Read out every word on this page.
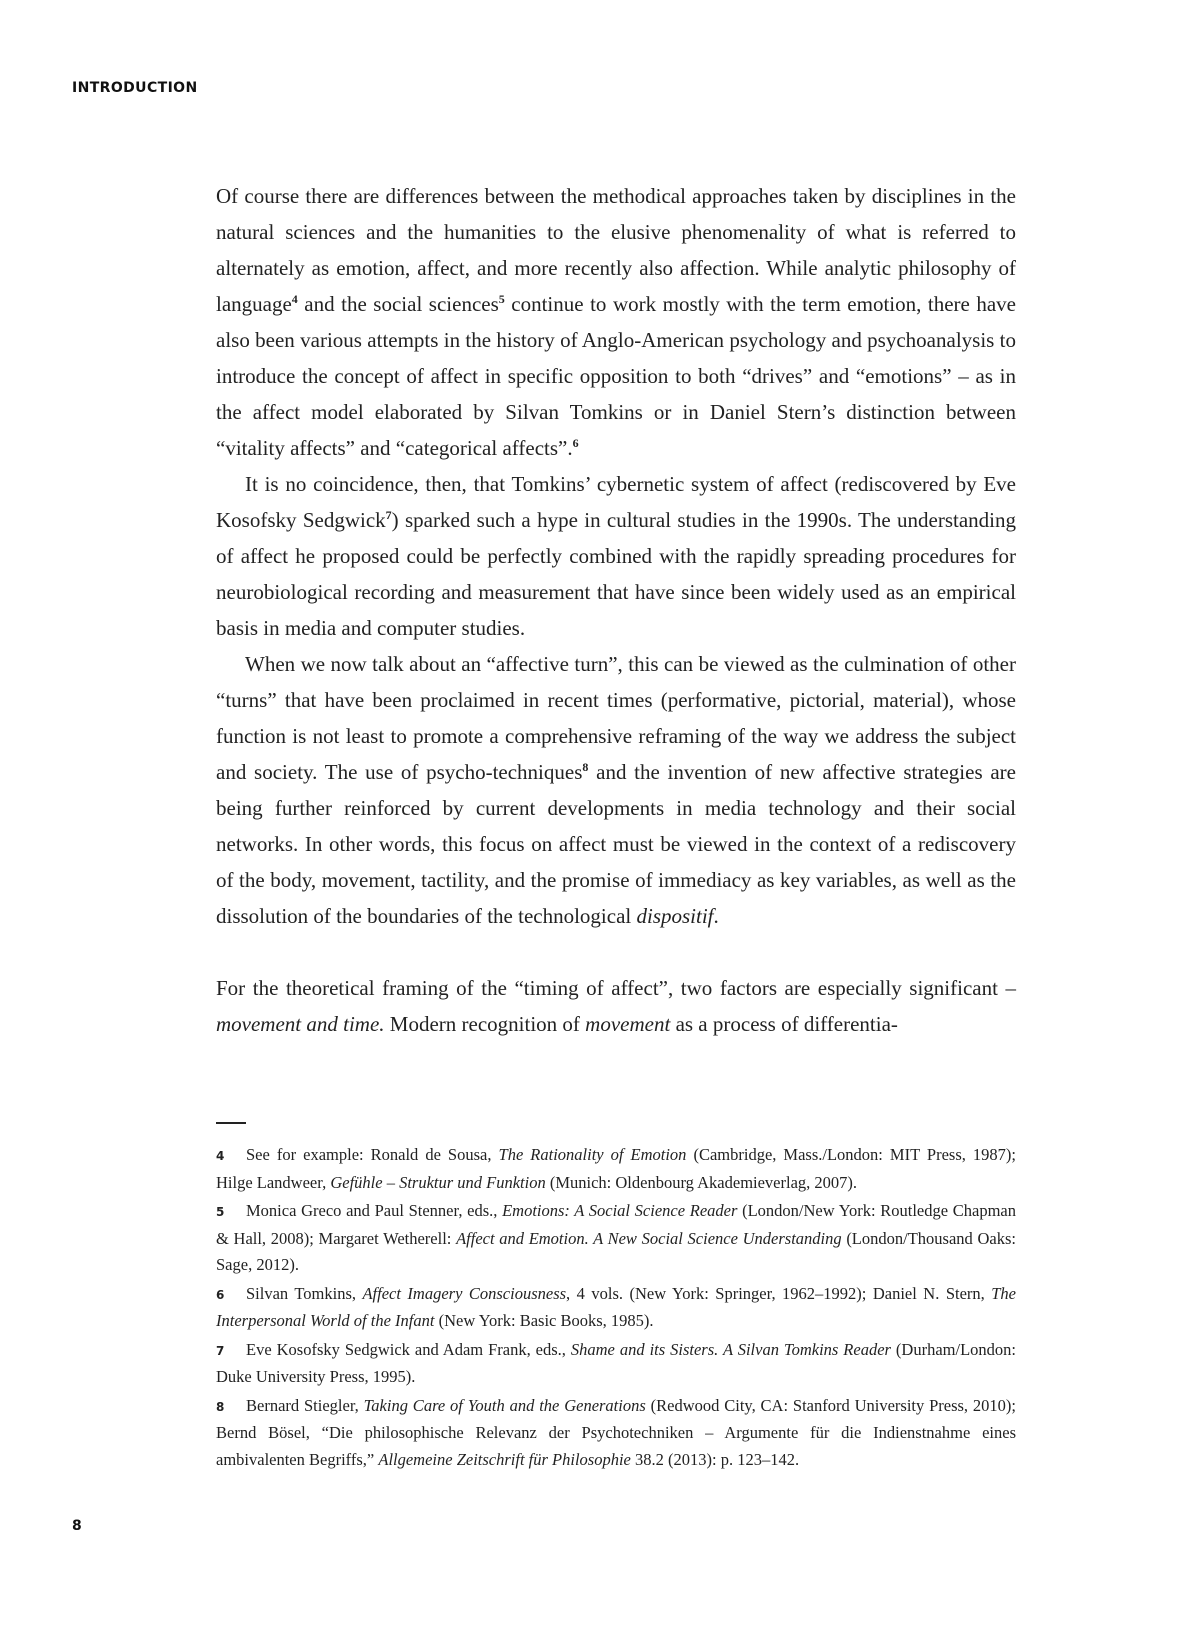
INTRODUCTION

Of course there are differences between the methodical approaches taken by disciplines in the natural sciences and the humanities to the elusive phenomenality of what is referred to alternately as emotion, affect, and more recently also affection. While analytic philosophy of language$^4$ and the social sciences$^5$ continue to work mostly with the term emotion, there have also been various attempts in the history of Anglo-American psychology and psychoanalysis to introduce the concept of affect in specific opposition to both “drives” and “emotions” – as in the affect model elaborated by Silvan Tomkins or in Daniel Stern’s distinction between “vitality affects” and “categorical affects”.$^6$

It is no coincidence, then, that Tomkins’ cybernetic system of affect (rediscovered by Eve Kosofsky Sedgwick$^7$) sparked such a hype in cultural studies in the 1990s. The understanding of affect he proposed could be perfectly combined with the rapidly spreading procedures for neurobiological recording and measurement that have since been widely used as an empirical basis in media and computer studies.

When we now talk about an “affective turn”, this can be viewed as the culmination of other “turns” that have been proclaimed in recent times (performative, pictorial, material), whose function is not least to promote a comprehensive reframing of the way we address the subject and society. The use of psycho-techniques$^8$ and the invention of new affective strategies are being further reinforced by current developments in media technology and their social networks. In other words, this focus on affect must be viewed in the context of a rediscovery of the body, movement, tactility, and the promise of immediacy as key variables, as well as the dissolution of the boundaries of the technological dispositif.

For the theoretical framing of the “timing of affect”, two factors are especially significant – movement and time. Modern recognition of movement as a process of differentia-

4 See for example: Ronald de Sousa, The Rationality of Emotion (Cambridge, Mass./London: MIT Press, 1987); Hilge Landweer, Gefühle – Struktur und Funktion (Munich: Oldenbourg Akademieverlag, 2007).

5 Monica Greco and Paul Stenner, eds., Emotions: A Social Science Reader (London/New York: Routledge Chapman & Hall, 2008); Margaret Wetherell: Affect and Emotion. A New Social Science Understanding (London/Thousand Oaks: Sage, 2012).

6 Silvan Tomkins, Affect Imagery Consciousness, 4 vols. (New York: Springer, 1962–1992); Daniel N. Stern, The Interpersonal World of the Infant (New York: Basic Books, 1985).

7 Eve Kosofsky Sedgwick and Adam Frank, eds., Shame and its Sisters. A Silvan Tomkins Reader (Durham/London: Duke University Press, 1995).

8 Bernard Stiegler, Taking Care of Youth and the Generations (Redwood City, CA: Stanford University Press, 2010); Bernd Bösel, “Die philosophische Relevanz der Psychotechniken – Argumente für die Indienstnahme eines ambivalenten Begriffs,” Allgemeine Zeitschrift für Philosophie 38.2 (2013): p. 123–142.

8
